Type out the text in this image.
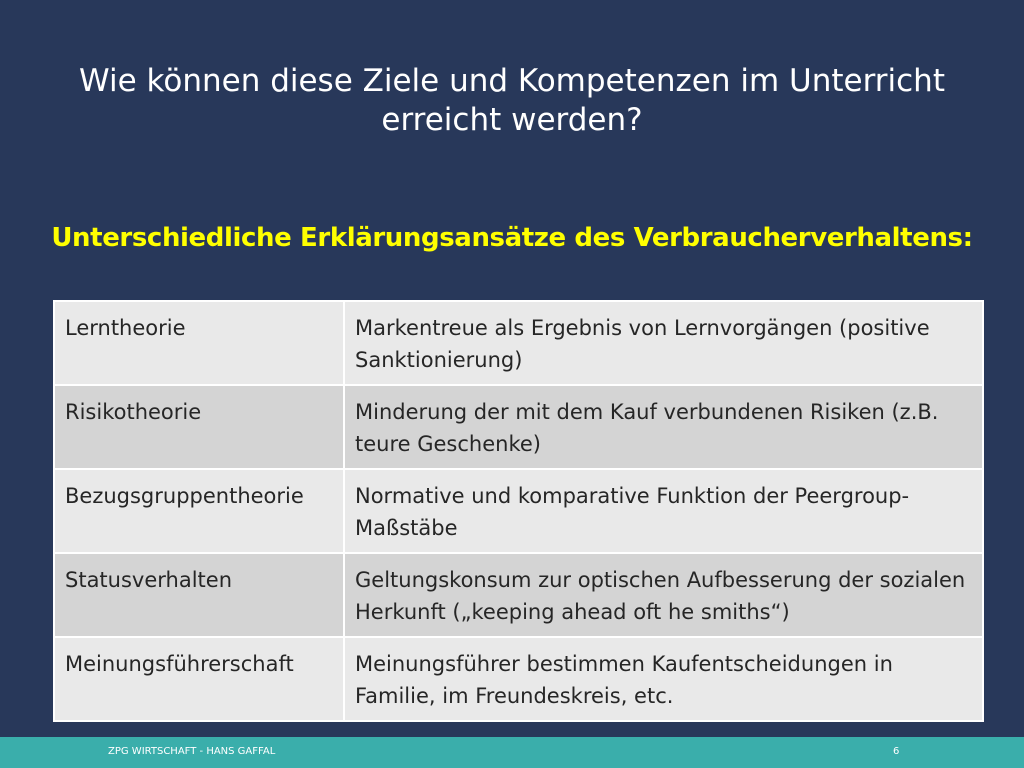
Wie können diese Ziele und Kompetenzen im Unterricht
erreicht werden?
Unterschiedliche Erklärungsansätze des Verbraucherverhaltens:
Lerntheorie	Markentreue als Ergebnis von Lernvorgängen (positive Sanktionierung)
Risikotheorie	Minderung der mit dem Kauf verbundenen Risiken (z.B. teure Geschenke)
Bezugsgruppentheorie	Normative und komparative Funktion der Peergroup-Maßstäbe
Statusverhalten	Geltungskonsum zur optischen Aufbesserung der sozialen Herkunft („keeping ahead oft he smiths“)
Meinungsführerschaft	Meinungsführer bestimmen Kaufentscheidungen in Familie, im Freundeskreis, etc.
ZPG WIRTSCHAFT - HANS GAFFAL	6
